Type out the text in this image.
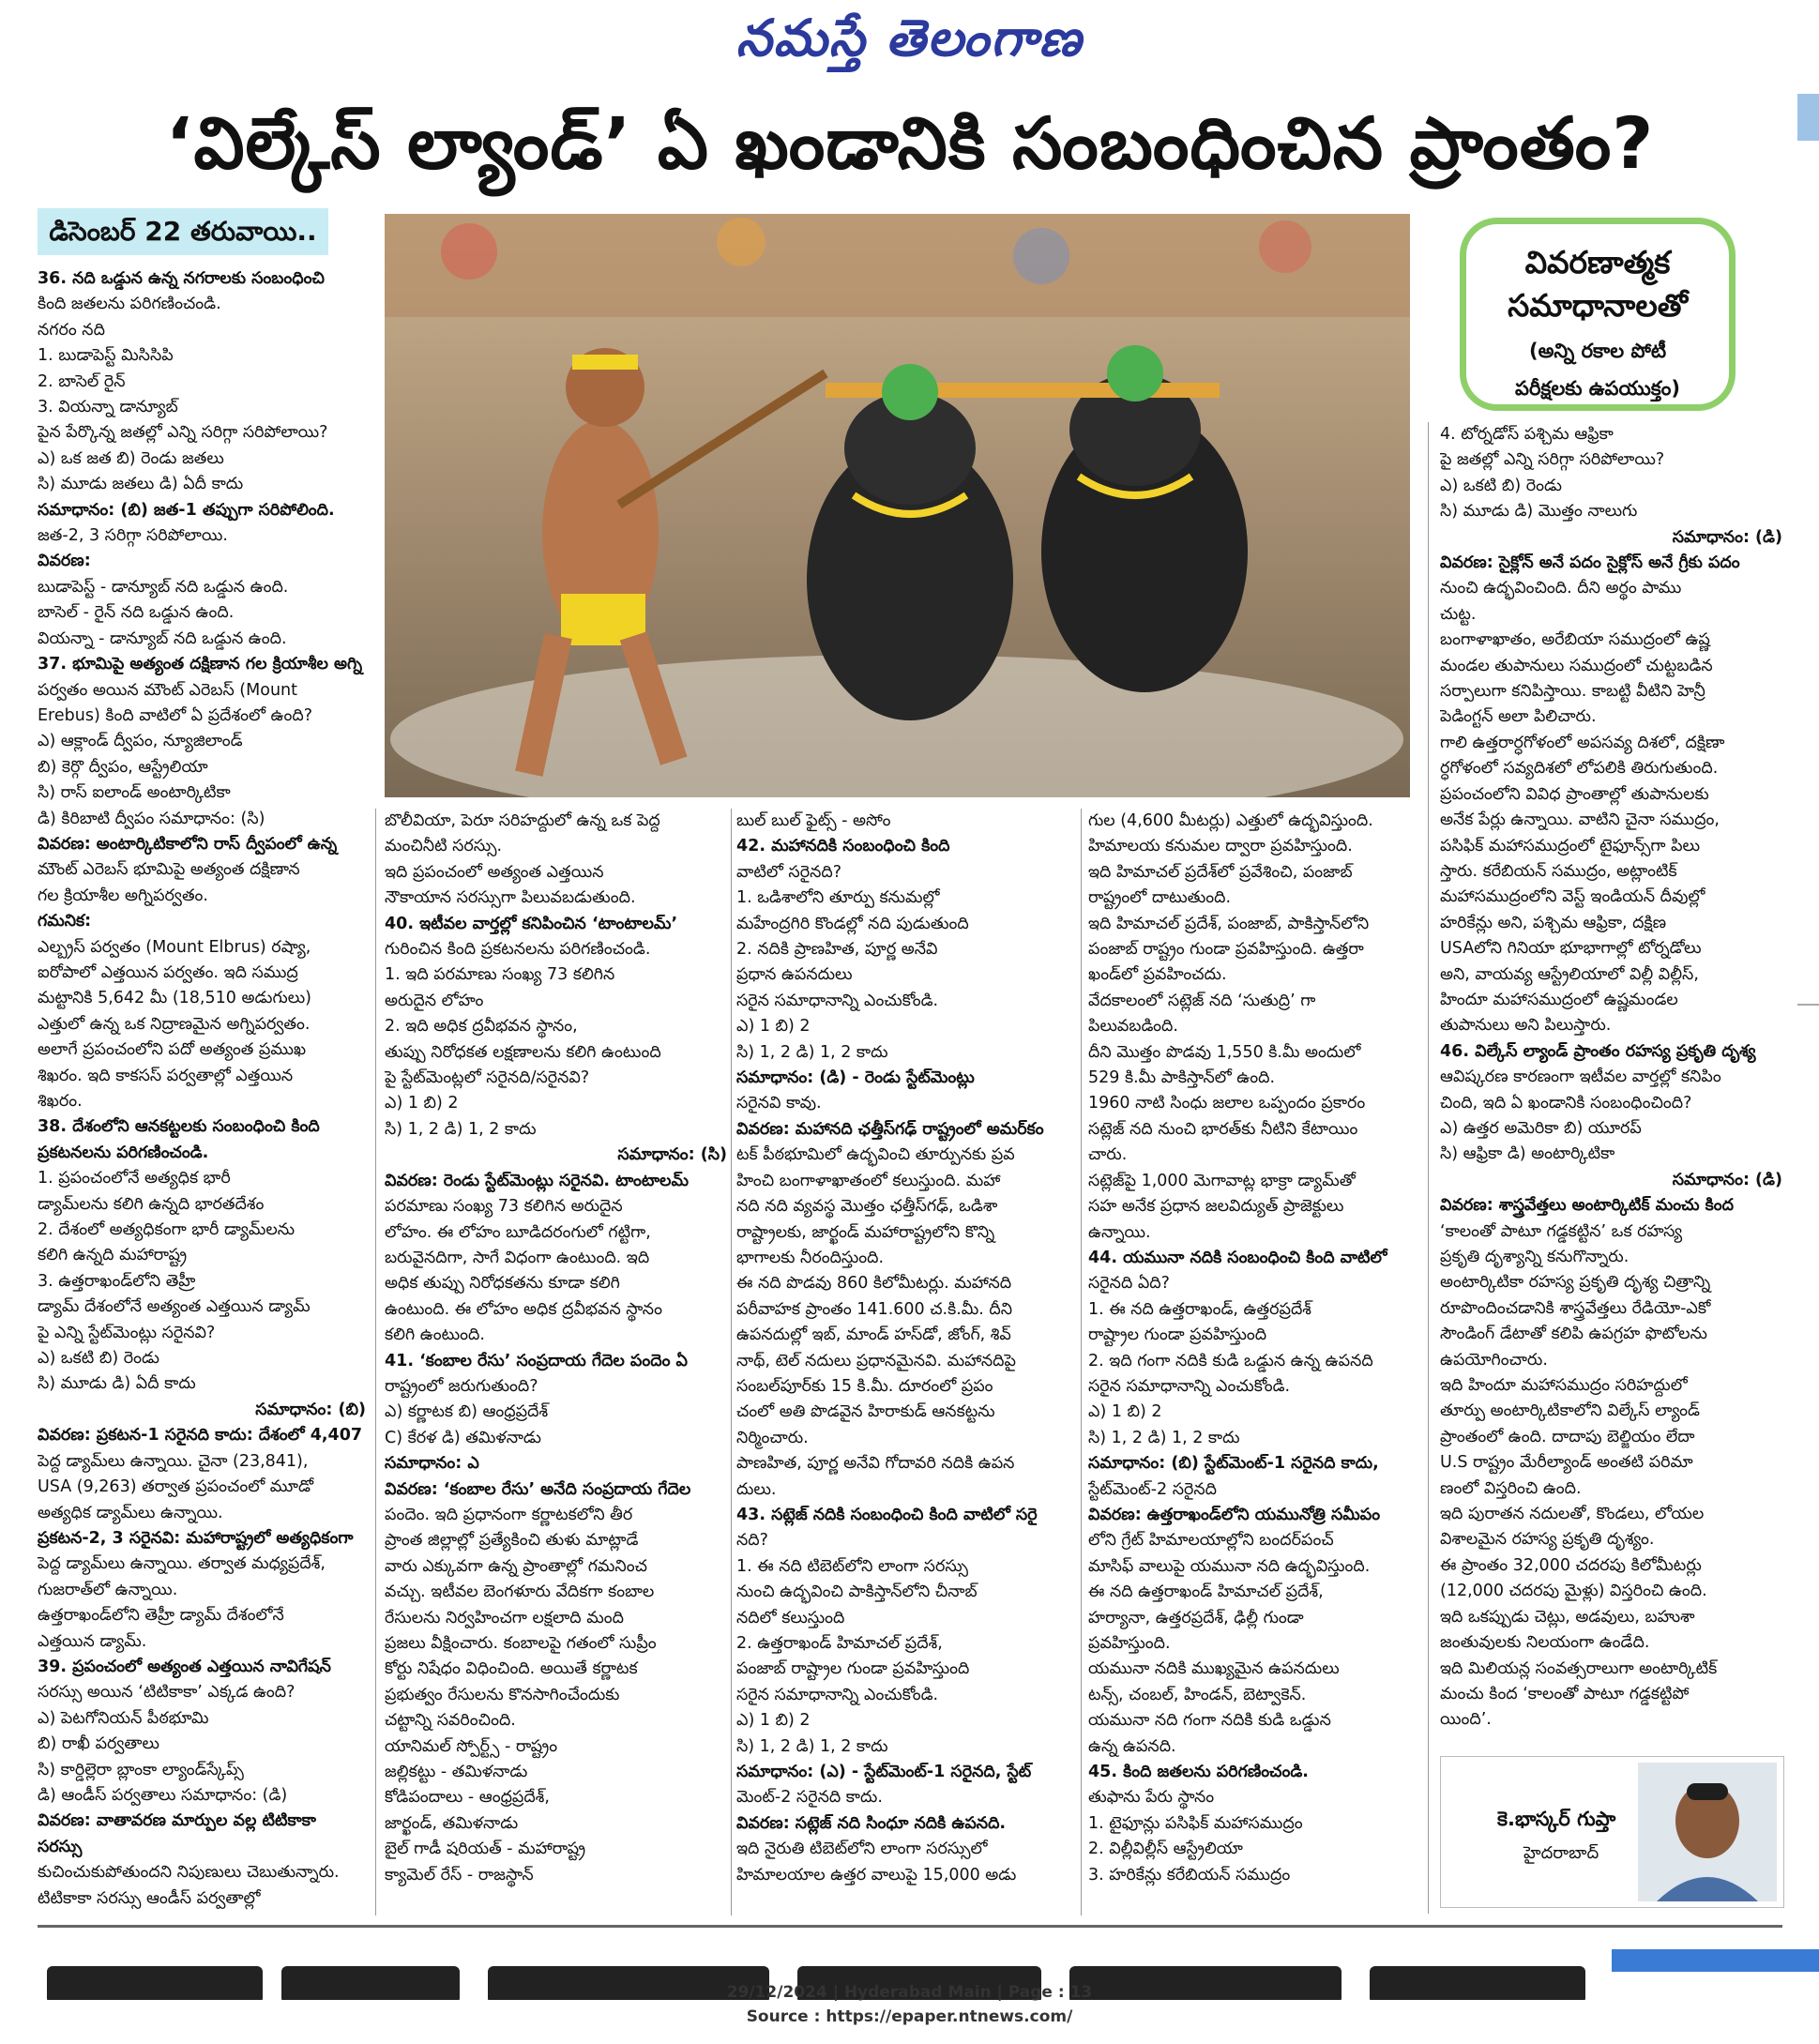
నమస్తే తెలంగాణ
‘విల్కేస్ ల్యాండ్’ ఏ ఖండానికి సంబంధించిన ప్రాంతం?
డిసెంబర్ 22 తరువాయి..

36. నది ఒడ్డున ఉన్న నగరాలకు సంబంధించి

కింది జతలను పరిగణించండి.

నగరం నది

1. బుడాపెస్ట్ మిసిసిపి

2. బాసెల్ రైన్

3. వియన్నా డాన్యూబ్

పైన పేర్కొన్న జతల్లో ఎన్ని సరిగ్గా సరిపోలాయి?

ఎ) ఒక జత బి) రెండు జతలు

సి) మూడు జతలు డి) ఏదీ కాదు

సమాధానం: (బి) జత-1 తప్పుగా సరిపోలింది.

జత-2, 3 సరిగ్గా సరిపోలాయి.

వివరణ:

బుడాపెస్ట్ - డాన్యూబ్ నది ఒడ్డున ఉంది.

బాసెల్ - రైన్ నది ఒడ్డున ఉంది.

వియన్నా - డాన్యూబ్ నది ఒడ్డున ఉంది.

37. భూమిపై అత్యంత దక్షిణాన గల క్రియాశీల అగ్ని

పర్వతం అయిన మౌంట్ ఎరెబస్ (Mount

Erebus) కింది వాటిలో ఏ ప్రదేశంలో ఉంది?

ఎ) ఆక్లాండ్ ద్వీపం, న్యూజిలాండ్

బి) కెర్గొ ద్వీపం, ఆస్ట్రేలియా

సి) రాస్ ఐలాండ్ అంటార్కిటికా

డి) కిరిబాటి ద్వీపం సమాధానం: (సి)

వివరణ: అంటార్కిటికాలోని రాస్ ద్వీపంలో ఉన్న

మౌంట్ ఎరెబస్ భూమిపై అత్యంత దక్షిణాన

గల క్రియాశీల అగ్నిపర్వతం.

గమనిక:

ఎల్బ్రస్ పర్వతం (Mount Elbrus) రష్యా,

ఐరోపాలో ఎత్తయిన పర్వతం. ఇది సముద్ర

మట్టానికి 5,642 మీ (18,510 అడుగులు)

ఎత్తులో ఉన్న ఒక నిద్రాణమైన అగ్నిపర్వతం.

అలాగే ప్రపంచంలోని పదో అత్యంత ప్రముఖ

శిఖరం. ఇది కాకసస్ పర్వతాల్లో ఎత్తయిన

శిఖరం.

38. దేశంలోని ఆనకట్టలకు సంబంధించి కింది

ప్రకటనలను పరిగణించండి.

1. ప్రపంచంలోనే అత్యధిక భారీ

డ్యామ్‌లను కలిగి ఉన్నది భారతదేశం

2. దేశంలో అత్యధికంగా భారీ డ్యామ్‌లను

కలిగి ఉన్నది మహారాష్ట్ర

3. ఉత్తరాఖండ్‌లోని తెహ్రీ

డ్యామ్ దేశంలోనే అత్యంత ఎత్తయిన డ్యామ్

పై ఎన్ని స్టేట్‌మెంట్లు సరైనవి?

ఎ) ఒకటి బి) రెండు

సి) మూడు డి) ఏదీ కాదు

సమాధానం: (బి)

వివరణ: ప్రకటన-1 సరైనది కాదు: దేశంలో 4,407

పెద్ద డ్యామ్‌లు ఉన్నాయి. చైనా (23,841),

USA (9,263) తర్వాత ప్రపంచంలో మూడో

అత్యధిక డ్యామ్‌లు ఉన్నాయి.

ప్రకటన-2, 3 సరైనవి: మహారాష్ట్రలో అత్యధికంగా

పెద్ద డ్యామ్‌లు ఉన్నాయి. తర్వాత మధ్యప్రదేశ్,

గుజరాత్‌లో ఉన్నాయి.

ఉత్తరాఖండ్‌లోని తెహ్రీ డ్యామ్ దేశంలోనే

ఎత్తయిన డ్యామ్.

39. ప్రపంచంలో అత్యంత ఎత్తయిన నావిగేషన్

సరస్సు అయిన ‘టిటికాకా’ ఎక్కడ ఉంది?

ఎ) పెటగోనియన్ పీఠభూమి

బి) రాఖీ పర్వతాలు

సి) కార్డిల్లెరా బ్లాంకా ల్యాండ్‌స్కేప్స్

డి) ఆండీస్ పర్వతాలు సమాధానం: (డి)

వివరణ: వాతావరణ మార్పుల వల్ల టిటికాకా సరస్సు

కుచించుకుపోతుందని నిపుణులు చెబుతున్నారు.

టిటికాకా సరస్సు ఆండీస్ పర్వతాల్లో

వివరణాత్మక
సమాధానాలతో
(అన్ని రకాల పోటీ
పరీక్షలకు ఉపయుక్తం)

బొలీవియా, పెరూ సరిహద్దులో ఉన్న ఒక పెద్ద

మంచినీటి సరస్సు.

ఇది ప్రపంచంలో అత్యంత ఎత్తయిన

నౌకాయాన సరస్సుగా పిలువబడుతుంది.

40. ఇటీవల వార్తల్లో కనిపించిన ‘టాంటాలమ్’

గురించిన కింది ప్రకటనలను పరిగణించండి.

1. ఇది పరమాణు సంఖ్య 73 కలిగిన

అరుదైన లోహం

2. ఇది అధిక ద్రవీభవన స్థానం,

తుప్పు నిరోధకత లక్షణాలను కలిగి ఉంటుంది

పై స్టేట్‌మెంట్లలో సరైనది/సరైనవి?

ఎ) 1 బి) 2

సి) 1, 2 డి) 1, 2 కాదు

సమాధానం: (సి)

వివరణ: రెండు స్టేట్‌మెంట్లు సరైనవి. టాంటాలమ్

పరమాణు సంఖ్య 73 కలిగిన అరుదైన

లోహం. ఈ లోహం బూడిదరంగులో గట్టిగా,

బరువైనదిగా, సాగే విధంగా ఉంటుంది. ఇది

అధిక తుప్పు నిరోధకతను కూడా కలిగి

ఉంటుంది. ఈ లోహం అధిక ద్రవీభవన స్థానం

కలిగి ఉంటుంది.

41. ‘కంబాల రేసు’ సంప్రదాయ గేదెల పందెం ఏ

రాష్ట్రంలో జరుగుతుంది?

ఎ) కర్ణాటక బి) ఆంధ్రప్రదేశ్

C) కేరళ డి) తమిళనాడు

సమాధానం: ఎ

వివరణ: ‘కంబాల రేసు’ అనేది సంప్రదాయ గేదెల

పందెం. ఇది ప్రధానంగా కర్ణాటకలోని తీర

ప్రాంత జిల్లాల్లో ప్రత్యేకించి తుళు మాట్లాడే

వారు ఎక్కువగా ఉన్న ప్రాంతాల్లో గమనించ

వచ్చు. ఇటీవల బెంగళూరు వేదికగా కంబాల

రేసులను నిర్వహించగా లక్షలాది మంది

ప్రజలు వీక్షించారు. కంబాలపై గతంలో సుప్రీం

కోర్టు నిషేధం విధించింది. అయితే కర్ణాటక

ప్రభుత్వం రేసులను కొనసాగించేందుకు

చట్టాన్ని సవరించింది.

యానిమల్ స్పోర్ట్స్ - రాష్ట్రం

జల్లికట్టు - తమిళనాడు

కోడిపందాలు - ఆంధ్రప్రదేశ్,

జార్ఖండ్, తమిళనాడు

బైల్ గాడీ షరియత్ - మహారాష్ట్ర

క్యామెల్ రేస్ - రాజస్థాన్

బుల్ బుల్ ఫైట్స్ - అసోం

42. మహానదికి సంబంధించి కింది

వాటిలో సరైనది?

1. ఒడిశాలోని తూర్పు కనుమల్లో

మహేంద్రగిరి కొండల్లో నది పుడుతుంది

2. నదికి ప్రాణహిత, పూర్ణ అనేవి

ప్రధాన ఉపనదులు

సరైన సమాధానాన్ని ఎంచుకోండి.

ఎ) 1 బి) 2

సి) 1, 2 డి) 1, 2 కాదు

సమాధానం: (డి) - రెండు స్టేట్‌మెంట్లు

సరైనవి కావు.

వివరణ: మహానది ఛత్తీస్‌గఢ్ రాష్ట్రంలో అమర్‌కం

టక్ పీఠభూమిలో ఉద్భవించి తూర్పునకు ప్రవ

హించి బంగాళాఖాతంలో కలుస్తుంది. మహా

నది నది వ్యవస్థ మొత్తం ఛత్తీస్‌గఢ్, ఒడిశా

రాష్ట్రాలకు, జార్ఖండ్ మహారాష్ట్రలోని కొన్ని

భాగాలకు నీరందిస్తుంది.

ఈ నది పొడవు 860 కిలోమీటర్లు. మహానది

పరీవాహక ప్రాంతం 141.600 చ.కి.మీ. దీని

ఉపనదుల్లో ఇబ్, మాండ్ హస్‌డో, జోంగ్, శివ్

నాథ్, టెల్ నదులు ప్రధానమైనవి. మహానదిపై

సంబల్‌పూర్‌కు 15 కి.మీ. దూరంలో ప్రపం

చంలో అతి పొడవైన హిరాకుడ్ ఆనకట్టను

నిర్మించారు.

పాణహిత, పూర్ణ అనేవి గోదావరి నదికి ఉపన

దులు.

43. సట్లెజ్ నదికి సంబంధించి కింది వాటిలో సరై

నది?

1. ఈ నది టిబెట్‌లోని లాంగా సరస్సు

నుంచి ఉద్భవించి పాకిస్తాన్‌లోని చీనాబ్

నదిలో కలుస్తుంది

2. ఉత్తరాఖండ్ హిమాచల్ ప్రదేశ్,

పంజాబ్ రాష్ట్రాల గుండా ప్రవహిస్తుంది

సరైన సమాధానాన్ని ఎంచుకోండి.

ఎ) 1 బి) 2

సి) 1, 2 డి) 1, 2 కాదు

సమాధానం: (ఎ) - స్టేట్‌మెంట్-1 సరైనది, స్టేట్

మెంట్-2 సరైనది కాదు.

వివరణ: సట్లెజ్ నది సింధూ నదికి ఉపనది.

ఇది నైరుతి టిబెట్‌లోని లాంగా సరస్సులో

హిమాలయాల ఉత్తర వాలుపై 15,000 అడు

గుల (4,600 మీటర్లు) ఎత్తులో ఉద్భవిస్తుంది.

హిమాలయ కనుమల ద్వారా ప్రవహిస్తుంది.

ఇది హిమాచల్ ప్రదేశ్‌లో ప్రవేశించి, పంజాబ్

రాష్ట్రంలో దాటుతుంది.

ఇది హిమాచల్ ప్రదేశ్, పంజాబ్, పాకిస్తాన్‌లోని

పంజాబ్ రాష్ట్రం గుండా ప్రవహిస్తుంది. ఉత్తరా

ఖండ్‌లో ప్రవహించదు.

వేదకాలంలో సట్లెజ్ నది ‘సుతుద్రి’ గా

పిలువబడింది.

దీని మొత్తం పొడవు 1,550 కి.మీ అందులో

529 కి.మీ పాకిస్తాన్‌లో ఉంది.

1960 నాటి సింధు జలాల ఒప్పందం ప్రకారం

సట్లెజ్ నది నుంచి భారత్‌కు నీటిని కేటాయిం

చారు.

సట్లెజ్‌పై 1,000 మెగావాట్ల భాక్రా డ్యామ్‌తో

సహ అనేక ప్రధాన జలవిద్యుత్ ప్రాజెక్టులు

ఉన్నాయి.

44. యమునా నదికి సంబంధించి కింది వాటిలో

సరైనది ఏది?

1. ఈ నది ఉత్తరాఖండ్, ఉత్తరప్రదేశ్

రాష్ట్రాల గుండా ప్రవహిస్తుంది

2. ఇది గంగా నదికి కుడి ఒడ్డున ఉన్న ఉపనది

సరైన సమాధానాన్ని ఎంచుకోండి.

ఎ) 1 బి) 2

సి) 1, 2 డి) 1, 2 కాదు

సమాధానం: (బి) స్టేట్‌మెంట్-1 సరైనది కాదు,

స్టేట్‌మెంట్-2 సరైనది

వివరణ: ఉత్తరాఖండ్‌లోని యమునోత్రి సమీపం

లోని గ్రేట్ హిమాలయాల్లోని బందర్‌పంచ్

మాసిఫ్ వాలుపై యమునా నది ఉద్భవిస్తుంది.

ఈ నది ఉత్తరాఖండ్ హిమాచల్ ప్రదేశ్,

హర్యానా, ఉత్తరప్రదేశ్, ఢిల్లీ గుండా

ప్రవహిస్తుంది.

యమునా నదికి ముఖ్యమైన ఉపనదులు

టన్స్, చంబల్, హిండన్, బెట్వా‌కెన్.

యమునా నది గంగా నదికి కుడి ఒడ్డున

ఉన్న ఉపనది.

45. కింది జతలను పరిగణించండి.

తుఫాను పేరు స్థానం

1. టైఫూన్లు పసిఫిక్ మహాసముద్రం

2. విల్లీవిల్లీస్ ఆస్ట్రేలియా

3. హరికేన్లు కరేబియన్ సముద్రం

4. టోర్నడోస్ పశ్చిమ ఆఫ్రికా

పై జతల్లో ఎన్ని సరిగ్గా సరిపోలాయి?

ఎ) ఒకటి బి) రెండు

సి) మూడు డి) మొత్తం నాలుగు

సమాధానం: (డి)

వివరణ: సైక్లోన్ అనే పదం సైక్లోస్ అనే గ్రీకు పదం

నుంచి ఉద్భవించింది. దీని అర్థం పాము

చుట్ట.

బంగాళాఖాతం, అరేబియా సముద్రంలో ఉష్ణ

మండల తుపానులు సముద్రంలో చుట్టబడిన

సర్పాలుగా కనిపిస్తాయి. కాబట్టి వీటిని హెన్రీ

పెడింగ్టన్ అలా పిలిచారు.

గాలి ఉత్తరార్ధగోళంలో అపసవ్య దిశలో, దక్షిణా

ర్ధగోళంలో సవ్యదిశలో లోపలికి తిరుగుతుంది.

ప్రపంచంలోని వివిధ ప్రాంతాల్లో తుపానులకు

అనేక పేర్లు ఉన్నాయి. వాటిని చైనా సముద్రం,

పసిఫిక్ మహాసముద్రంలో టైఫూన్స్‌గా పిలు

స్తారు. కరేబియన్ సముద్రం, అట్లాంటిక్

మహాసముద్రంలోని వెస్ట్ ఇండియన్ దీవుల్లో

హరికేన్లు అని, పశ్చిమ ఆఫ్రికా, దక్షిణ

USAలోని గినియా భూభాగాల్లో టోర్నడోలు

అని, వాయవ్య ఆస్ట్రేలియాలో విల్లీ విల్లీస్,

హిందూ మహాసముద్రంలో ఉష్ణమండల

తుపానులు అని పిలుస్తారు.

46. విల్కేస్ ల్యాండ్ ప్రాంతం రహస్య ప్రకృతి దృశ్య

ఆవిష్కరణ కారణంగా ఇటీవల వార్తల్లో కనిపిం

చింది, ఇది ఏ ఖండానికి సంబంధించింది?

ఎ) ఉత్తర అమెరికా బి) యూరప్

సి) ఆఫ్రికా డి) అంటార్కిటికా

సమాధానం: (డి)

వివరణ: శాస్త్రవేత్తలు అంటార్కిటిక్ మంచు కింద

‘కాలంతో పాటూ గడ్డకట్టిన’ ఒక రహస్య

ప్రకృతి దృశ్యాన్ని కనుగొన్నారు.

అంటార్కిటికా రహస్య ప్రకృతి దృశ్య చిత్రాన్ని

రూపొందించడానికి శాస్త్రవేత్తలు రేడియో-ఎకో

సౌండింగ్ డేటాతో కలిపి ఉపగ్రహ ఫొటోలను

ఉపయోగించారు.

ఇది హిందూ మహాసముద్రం సరిహద్దులో

తూర్పు అంటార్కిటికాలోని విల్కేస్ ల్యాండ్

ప్రాంతంలో ఉంది. దాదాపు బెల్జియం లేదా

U.S రాష్ట్రం మేరీల్యాండ్ అంతటి పరిమా

ణంలో విస్తరించి ఉంది.

ఇది పురాతన నదులతో, కొండలు, లోయల

విశాలమైన రహస్య ప్రకృతి దృశ్యం.

ఈ ప్రాంతం 32,000 చదరపు కిలోమీటర్లు

(12,000 చదరపు మైళ్లు) విస్తరించి ఉంది.

ఇది ఒకప్పుడు చెట్లు, అడవులు, బహుశా

జంతువులకు నిలయంగా ఉండేది.

ఇది మిలియన్ల సంవత్సరాలుగా అంటార్కిటిక్

మంచు కింద ‘కాలంతో పాటూ గడ్డకట్టిపో

యింది’.

కె.భాస్కర్ గుప్తా
హైదరాబాద్
29/12/2024 | Hyderabad Main | Page : 13
Source : https://epaper.ntnews.com/
